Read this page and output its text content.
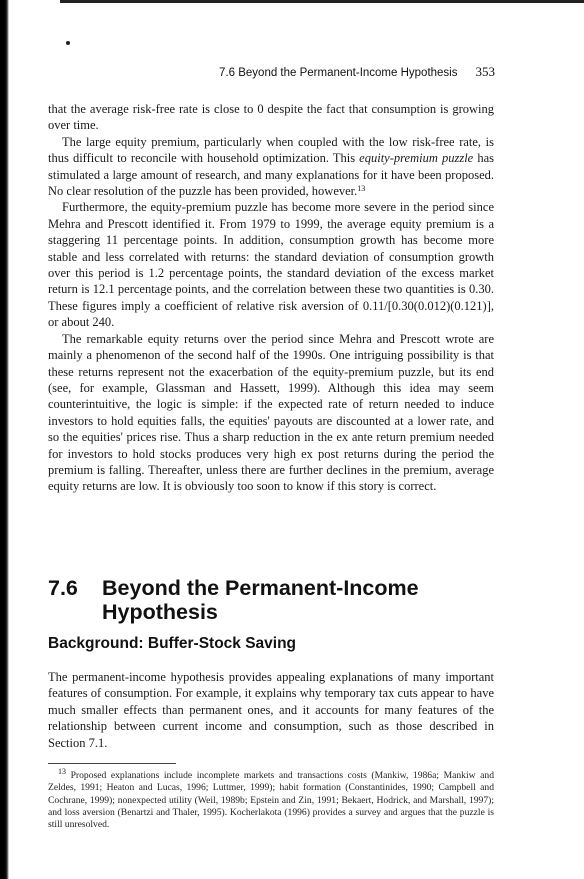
7.6 Beyond the Permanent-Income Hypothesis 353

that the average risk-free rate is close to 0 despite the fact that consumption is growing over time.

The large equity premium, particularly when coupled with the low risk-free rate, is thus difficult to reconcile with household optimization. This equity-premium puzzle has stimulated a large amount of research, and many explanations for it have been proposed. No clear resolution of the puzzle has been provided, however.$^{13}$

Furthermore, the equity-premium puzzle has become more severe in the period since Mehra and Prescott identified it. From 1979 to 1999, the average equity premium is a staggering 11 percentage points. In addition, consumption growth has become more stable and less correlated with returns: the standard deviation of consumption growth over this period is 1.2 percentage points, the standard deviation of the excess market return is 12.1 percentage points, and the correlation between these two quantities is 0.30. These figures imply a coefficient of relative risk aversion of 0.11/[0.30(0.012)(0.121)], or about 240.

The remarkable equity returns over the period since Mehra and Prescott wrote are mainly a phenomenon of the second half of the 1990s. One intriguing possibility is that these returns represent not the exacerbation of the equity-premium puzzle, but its end (see, for example, Glassman and Hassett, 1999). Although this idea may seem counterintuitive, the logic is simple: if the expected rate of return needed to induce investors to hold equities falls, the equities' payouts are discounted at a lower rate, and so the equities' prices rise. Thus a sharp reduction in the ex ante return premium needed for investors to hold stocks produces very high ex post returns during the period the premium is falling. Thereafter, unless there are further declines in the premium, average equity returns are low. It is obviously too soon to know if this story is correct.

7.6	Beyond the Permanent-Income Hypothesis
Background: Buffer-Stock Saving

The permanent-income hypothesis provides appealing explanations of many important features of consumption. For example, it explains why temporary tax cuts appear to have much smaller effects than permanent ones, and it accounts for many features of the relationship between current income and consumption, such as those described in Section 7.1.

$^{13}$ Proposed explanations include incomplete markets and transactions costs (Mankiw, 1986a; Mankiw and Zeldes, 1991; Heaton and Lucas, 1996; Luttmer, 1999); habit formation (Constantinides, 1990; Campbell and Cochrane, 1999); nonexpected utility (Weil, 1989b; Epstein and Zin, 1991; Bekaert, Hodrick, and Marshall, 1997); and loss aversion (Benartzi and Thaler, 1995). Kocherlakota (1996) provides a survey and argues that the puzzle is still unresolved.
